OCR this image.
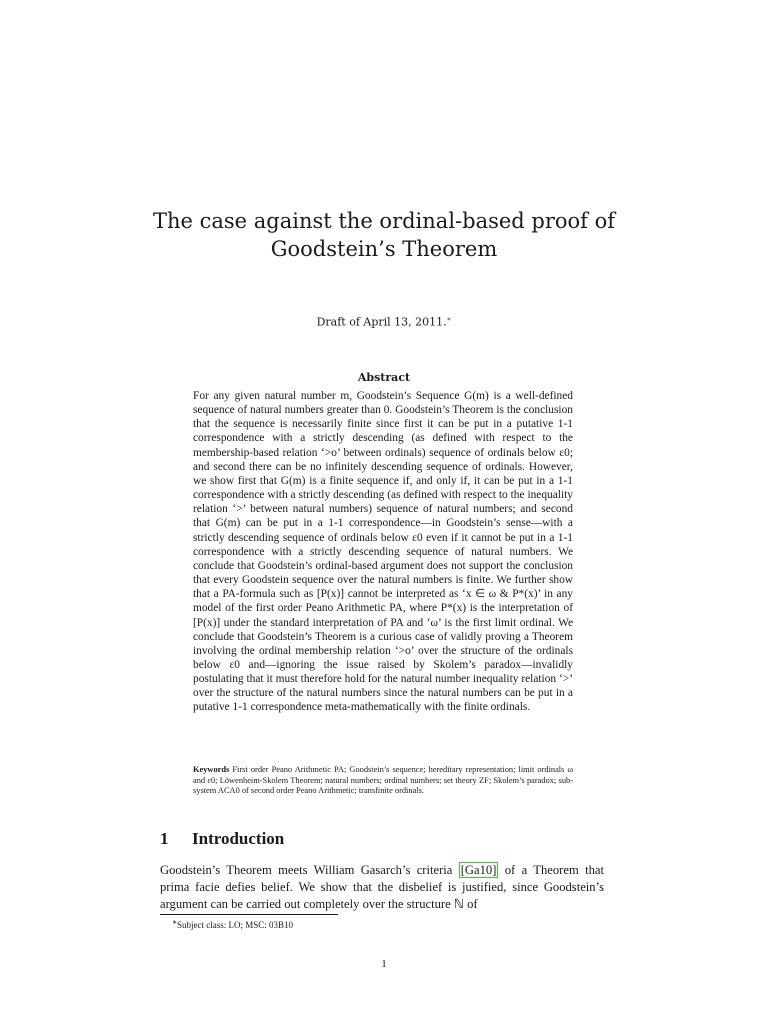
The case against the ordinal-based proof of
Goodstein’s Theorem
Draft of April 13, 2011.∗
Abstract

For any given natural number m, Goodstein’s Sequence G(m) is a well-defined sequence of natural numbers greater than 0. Goodstein’s Theorem is the conclusion that the sequence is necessarily finite since first it can be put in a putative 1-1 correspondence with a strictly descending (as defined with respect to the membership-based relation ‘>o’ between ordinals) sequence of ordinals below ε0; and second there can be no infinitely descending sequence of ordinals. However, we show first that G(m) is a finite sequence if, and only if, it can be put in a 1-1 correspondence with a strictly descending (as defined with respect to the inequality relation ‘>’ between natural numbers) sequence of natural numbers; and second that G(m) can be put in a 1-1 correspondence—in Goodstein’s sense—with a strictly descending sequence of ordinals below ε0 even if it cannot be put in a 1-1 correspondence with a strictly descending sequence of natural numbers. We conclude that Goodstein’s ordinal-based argument does not support the conclusion that every Goodstein sequence over the natural numbers is finite. We further show that a PA-formula such as [P(x)] cannot be interpreted as ‘x ∈ ω & P*(x)’ in any model of the first order Peano Arithmetic PA, where P*(x) is the interpretation of [P(x)] under the standard interpretation of PA and ‘ω’ is the first limit ordinal. We conclude that Goodstein’s Theorem is a curious case of validly proving a Theorem involving the ordinal membership relation ‘>o’ over the structure of the ordinals below ε0 and—ignoring the issue raised by Skolem’s paradox—invalidly postulating that it must therefore hold for the natural number inequality relation ‘>’ over the structure of the natural numbers since the natural numbers can be put in a putative 1-1 correspondence meta-mathematically with the finite ordinals.

Keywords First order Peano Arithmetic PA; Goodstein’s sequence; hereditary representation; limit ordinals ω and ε0; Löwenheim-Skolem Theorem; natural numbers; ordinal numbers; set theory ZF; Skolem’s paradox; sub-system ACA0 of second order Peano Arithmetic; transfinite ordinals.
1 Introduction

Goodstein’s Theorem meets William Gasarch’s criteria [Ga10] of a Theorem that prima facie defies belief. We show that the disbelief is justified, since Goodstein’s argument can be carried out completely over the structure ℕ of

∗Subject class: LO; MSC: 03B10
1
